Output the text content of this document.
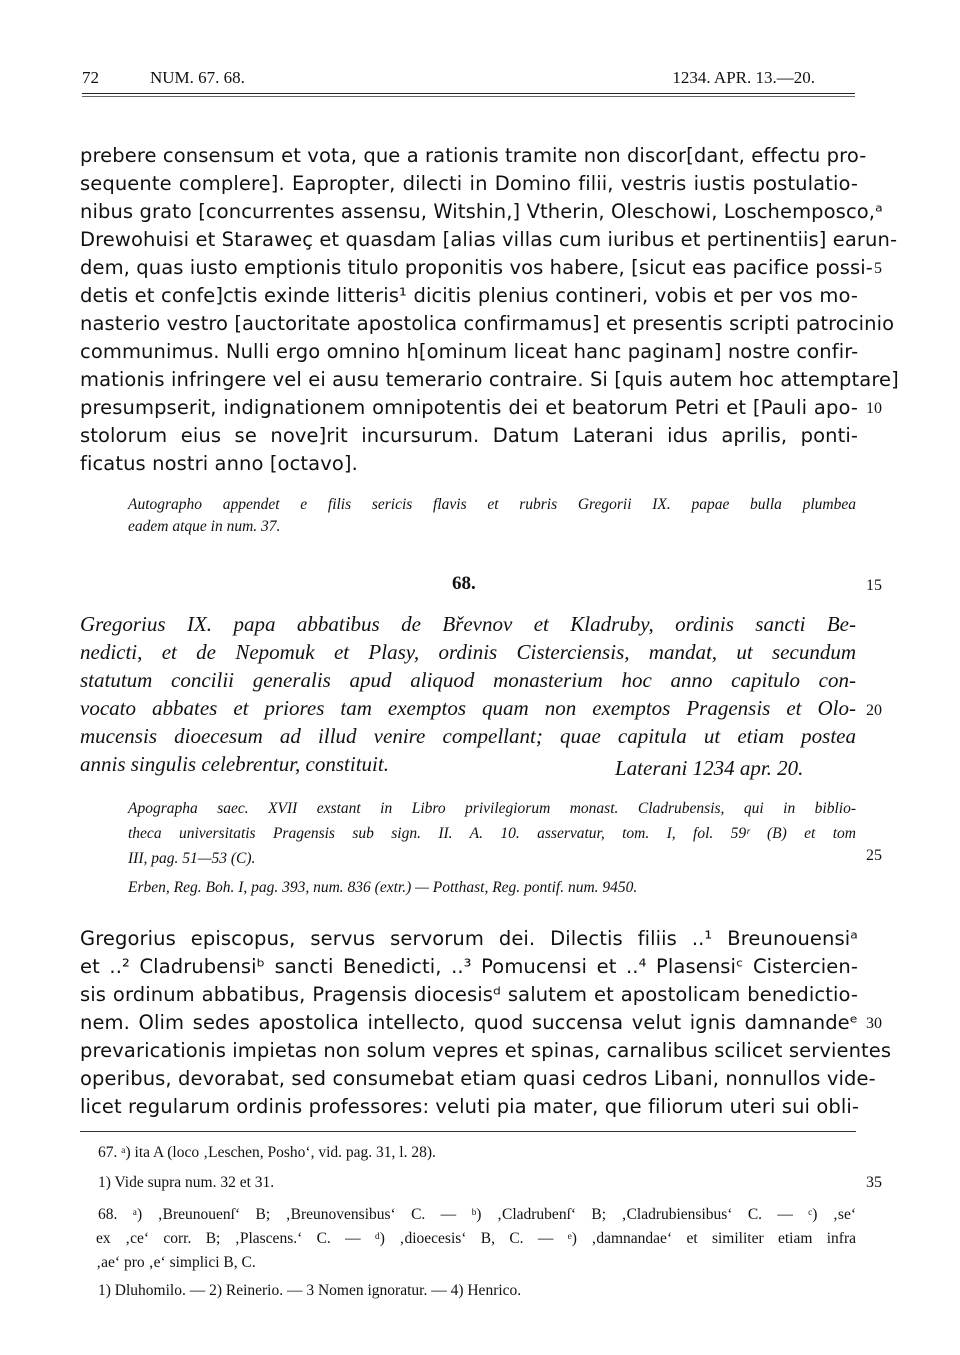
72	NUM. 67. 68.	1234. APR. 13.—20.
prebere consensum et vota, que a rationis tramite non discor[dant, effectu pro-
sequente complere]. Eapropter, dilecti in Domino filii, vestris iustis postulatio-
nibus grato [concurrentes assensu, Witshin,] Vtherin, Oleschowi, Loschemposco,ᵃ
Drewohuisi et Staraweç et quasdam [alias villas cum iuribus et pertinentiis] earun-
dem, quas iusto emptionis titulo proponitis vos habere, [sicut eas pacifice possi-
detis et confe]ctis exinde litteris¹ dicitis plenius contineri, vobis et per vos mo-
nasterio vestro [auctoritate apostolica confirmamus] et presentis scripti patrocinio
communimus. Nulli ergo omnino h[ominum liceat hanc paginam] nostre confir-
mationis infringere vel ei ausu temerario contraire. Si [quis autem hoc attemptare]
presumpserit, indignationem omnipotentis dei et beatorum Petri et [Pauli apo-
stolorum eius se nove]rit incursurum. Datum Laterani idus aprilis, ponti-
ficatus nostri anno [octavo].
5
10
Autographo appendet e filis sericis flavis et rubris Gregorii IX. papae bulla plumbea
eadem atque in num. 37.
68.	15
Gregorius IX. papa abbatibus de Břevnov et Kladruby, ordinis sancti Be-
nedicti, et de Nepomuk et Plasy, ordinis Cisterciensis, mandat, ut secundum
statutum concilii generalis apud aliquod monasterium hoc anno capitulo con-
vocato abbates et priores tam exemptos quam non exemptos Pragensis et Olo-
mucensis dioecesum ad illud venire compellant; quae capitula ut etiam postea
annis singulis celebrentur, constituit.	Laterani 1234 apr. 20.
20
Apographa saec. XVII exstant in Libro privilegiorum monast. Cladrubensis, qui in biblio-
theca universitatis Pragensis sub sign. II. A. 10. asservatur, tom. I, fol. 59ʳ (B) et tom
III, pag. 51—53 (C).
Erben, Reg. Boh. I, pag. 393, num. 836 (extr.) — Potthast, Reg. pontif. num. 9450.
25
Gregorius episcopus, servus servorum dei. Dilectis filiis ..¹ Breunouensiᵃ
et ..² Cladrubensiᵇ sancti Benedicti, ..³ Pomucensi et ..⁴ Plasensiᶜ Cistercien-
sis ordinum abbatibus, Pragensis diocesisᵈ salutem et apostolicam benedictio-
nem. Olim sedes apostolica intellecto, quod succensa velut ignis damnandeᵉ
prevaricationis impietas non solum vepres et spinas, carnalibus scilicet servientes
operibus, devorabat, sed consumebat etiam quasi cedros Libani, nonnullos vide-
licet regularum ordinis professores: veluti pia mater, que filiorum uteri sui obli-
30
67. ᵃ) ita A (loco ‚Leschen, Posho‘, vid. pag. 31, l. 28).
1) Vide supra num. 32 et 31.	35
68. ᵃ) ‚Breunouenſ‘ B; ‚Breunovensibus‘ C. — ᵇ) ‚Cladrubenſ‘ B; ‚Cladrubiensibus‘ C. — ᶜ) ‚se‘
ex ‚ce‘ corr. B; ‚Plascens.‘ C. — ᵈ) ‚dioecesis‘ B, C. — ᵉ) ‚damnandae‘ et similiter etiam infra
‚ae‘ pro ‚e‘ simplici B, C.
1) Dluhomilo. — 2) Reinerio. — 3 Nomen ignoratur. — 4) Henrico.
